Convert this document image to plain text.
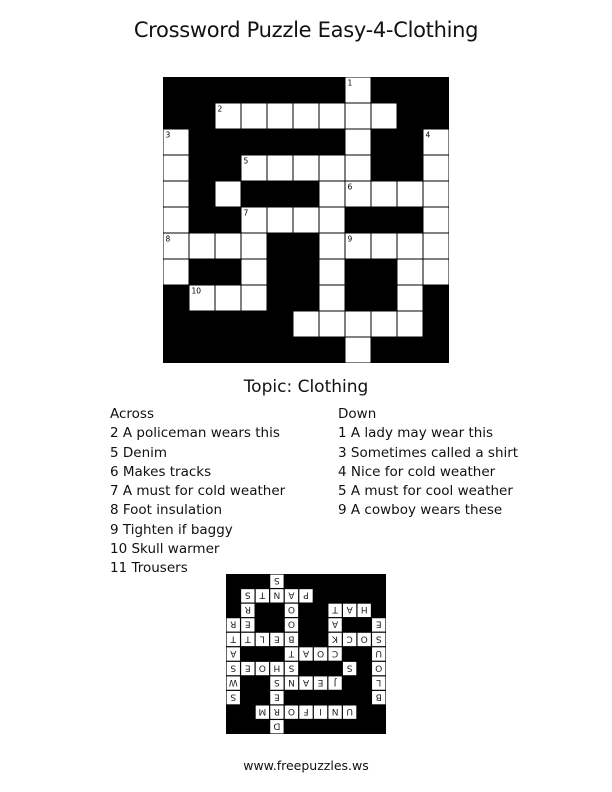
Crossword Puzzle Easy-4-Clothing
1
2
3	4
5
6
7
8	9
10
11
Topic: Clothing
Across
2 A policeman wears this
5 Denim
6 Makes tracks
7 A must for cold weather
8 Foot insulation
9 Tighten if baggy
10 Skull warmer
11 Trousers
Down
1 A lady may wear this
3 Sometimes called a shirt
4 Nice for cold weather
5 A must for cool weather
9 A cowboy wears these
D
U
N
I
F
O
R
M
B
E
S
L
J
E
A
N
S
W
O
S
S
H
O
E
S
U
C
O
A
T
A
S
O
C
K
B
E
L
T
T
E
A
O
E
R
H
A
T
O
R
P
A
N
T
S
S
www.freepuzzles.ws
